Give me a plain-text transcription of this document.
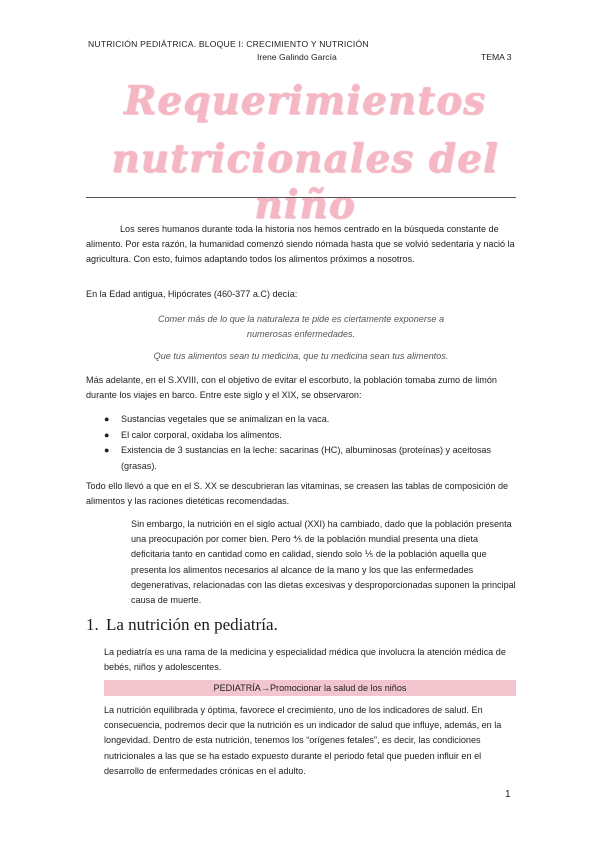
NUTRICIÓN PEDIÁTRICA. BLOQUE I: CRECIMIENTO Y NUTRICIÓN
Irene Galindo García	TEMA 3
Requerimientos
nutricionales del niño

Los seres humanos durante toda la historia nos hemos centrado en la búsqueda constante de alimento. Por esta razón, la humanidad comenzó siendo nómada hasta que se volvió sedentaria y nació la agricultura. Con esto, fuimos adaptando todos los alimentos próximos a nosotros.

En la Edad antigua, Hipócrates (460-377 a.C) decía:

Comer más de lo que la naturaleza te pide es ciertamente exponerse a numerosas enfermedades.

Que tus alimentos sean tu medicina, que tu medicina sean tus alimentos.

Más adelante, en el S.XVIII, con el objetivo de evitar el escorbuto, la población tomaba zumo de limón durante los viajes en barco. Entre este siglo y el XIX, se observaron:

● Sustancias vegetales que se animalizan en la vaca.
● El calor corporal, oxidaba los alimentos.
● Existencia de 3 sustancias en la leche: sacarinas (HC), albuminosas (proteínas) y aceitosas (grasas).

Todo ello llevó a que en el S. XX se descubrieran las vitaminas, se creasen las tablas de composición de alimentos y las raciones dietéticas recomendadas.

Sin embargo, la nutrición en el siglo actual (XXI) ha cambiado, dado que la población presenta una preocupación por comer bien. Pero ⅘ de la población mundial presenta una dieta deficitaria tanto en cantidad como en calidad, siendo solo ⅕ de la población aquella que presenta los alimentos necesarios al alcance de la mano y los que las enfermedades degenerativas, relacionadas con las dietas excesivas y desproporcionadas suponen la principal causa de muerte.

1. La nutrición en pediatría.

La pediatría es una rama de la medicina y especialidad médica que involucra la atención médica de bebés, niños y adolescentes.

PEDIATRÍA→Promocionar la salud de los niños

La nutrición equilibrada y óptima, favorece el crecimiento, uno de los indicadores de salud. En consecuencia, podremos decir que la nutrición es un indicador de salud que influye, además, en la longevidad. Dentro de esta nutrición, tenemos los “orígenes fetales”, es decir, las condiciones nutricionales a las que se ha estado expuesto durante el periodo fetal que pueden influir en el desarrollo de enfermedades crónicas en el adulto.

1
